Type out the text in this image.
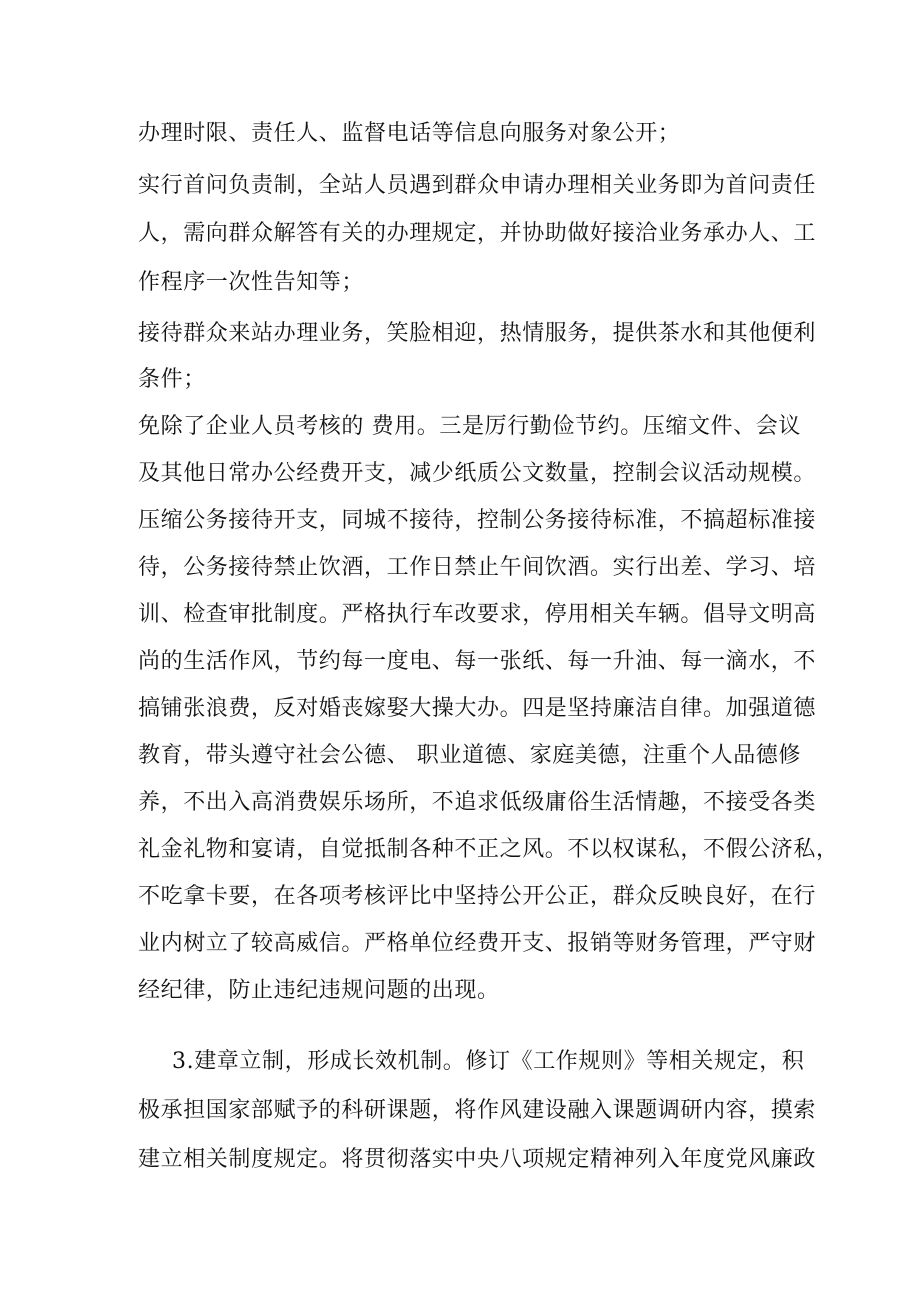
办理时限、责任人、监督电话等信息向服务对象公开；
实行首问负责制，全站人员遇到群众申请办理相关业务即为首问责任
人，需向群众解答有关的办理规定，并协助做好接洽业务承办人、工
作程序一次性告知等；
接待群众来站办理业务，笑脸相迎，热情服务，提供茶水和其他便利
条件；
免除了企业人员考核的 费用。三是厉行勤俭节约。压缩文件、会议
及其他日常办公经费开支，减少纸质公文数量，控制会议活动规模。
压缩公务接待开支，同城不接待，控制公务接待标准，不搞超标准接
待，公务接待禁止饮酒，工作日禁止午间饮酒。实行出差、学习、培
训、检查审批制度。严格执行车改要求，停用相关车辆。倡导文明高
尚的生活作风，节约每一度电、每一张纸、每一升油、每一滴水，不
搞铺张浪费，反对婚丧嫁娶大操大办。四是坚持廉洁自律。加强道德
教育，带头遵守社会公德、 职业道德、家庭美德，注重个人品德修
养，不出入高消费娱乐场所，不追求低级庸俗生活情趣，不接受各类
礼金礼物和宴请，自觉抵制各种不正之风。不以权谋私，不假公济私，
不吃拿卡要，在各项考核评比中坚持公开公正，群众反映良好，在行
业内树立了较高威信。严格单位经费开支、报销等财务管理，严守财
经纪律，防止违纪违规问题的出现。
3.建章立制，形成长效机制。修订《工作规则》等相关规定，积
极承担国家部赋予的科研课题，将作风建设融入课题调研内容，摸索
建立相关制度规定。将贯彻落实中央八项规定精神列入年度党风廉政
